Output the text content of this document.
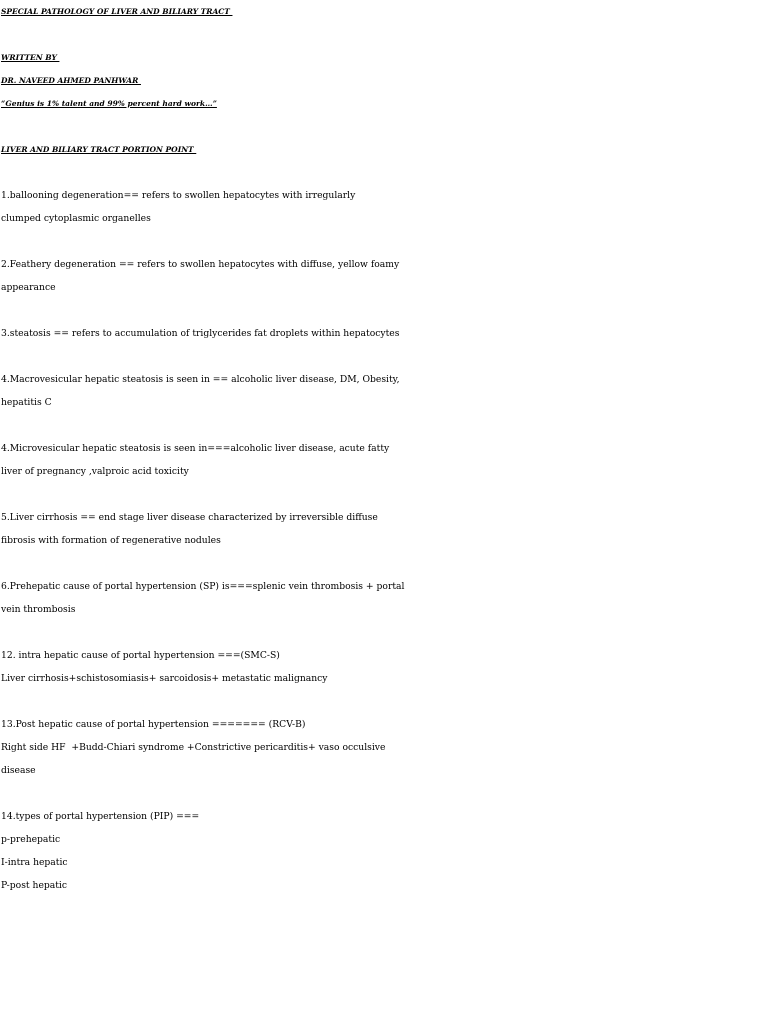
SPECIAL PATHOLOGY OF LIVER AND BILIARY TRACT
WRITTEN BY
DR. NAVEED AHMED PANHWAR
“Genius is 1% talent and 99% percent hard work…”
LIVER AND BILIARY TRACT PORTION POINT
1.ballooning degeneration== refers to swollen hepatocytes with irregularly
clumped cytoplasmic organelles
2.Feathery degeneration == refers to swollen hepatocytes with diffuse, yellow foamy
appearance
3.steatosis == refers to accumulation of triglycerides fat droplets within hepatocytes
4.Macrovesicular hepatic steatosis is seen in == alcoholic liver disease, DM, Obesity,
hepatitis C
4.Microvesicular hepatic steatosis is seen in===alcoholic liver disease, acute fatty
liver of pregnancy ,valproic acid toxicity
5.Liver cirrhosis == end stage liver disease characterized by irreversible diffuse
fibrosis with formation of regenerative nodules
6.Prehepatic cause of portal hypertension (SP) is===splenic vein thrombosis + portal
vein thrombosis
12. intra hepatic cause of portal hypertension ===(SMC-S)
Liver cirrhosis+schistosomiasis+ sarcoidosis+ metastatic malignancy
13.Post hepatic cause of portal hypertension ======= (RCV-B)
Right side HF  +Budd-Chiari syndrome +Constrictive pericarditis+ vaso occulsive
disease
14.types of portal hypertension (PIP) ===
p-prehepatic
I-intra hepatic
P-post hepatic
